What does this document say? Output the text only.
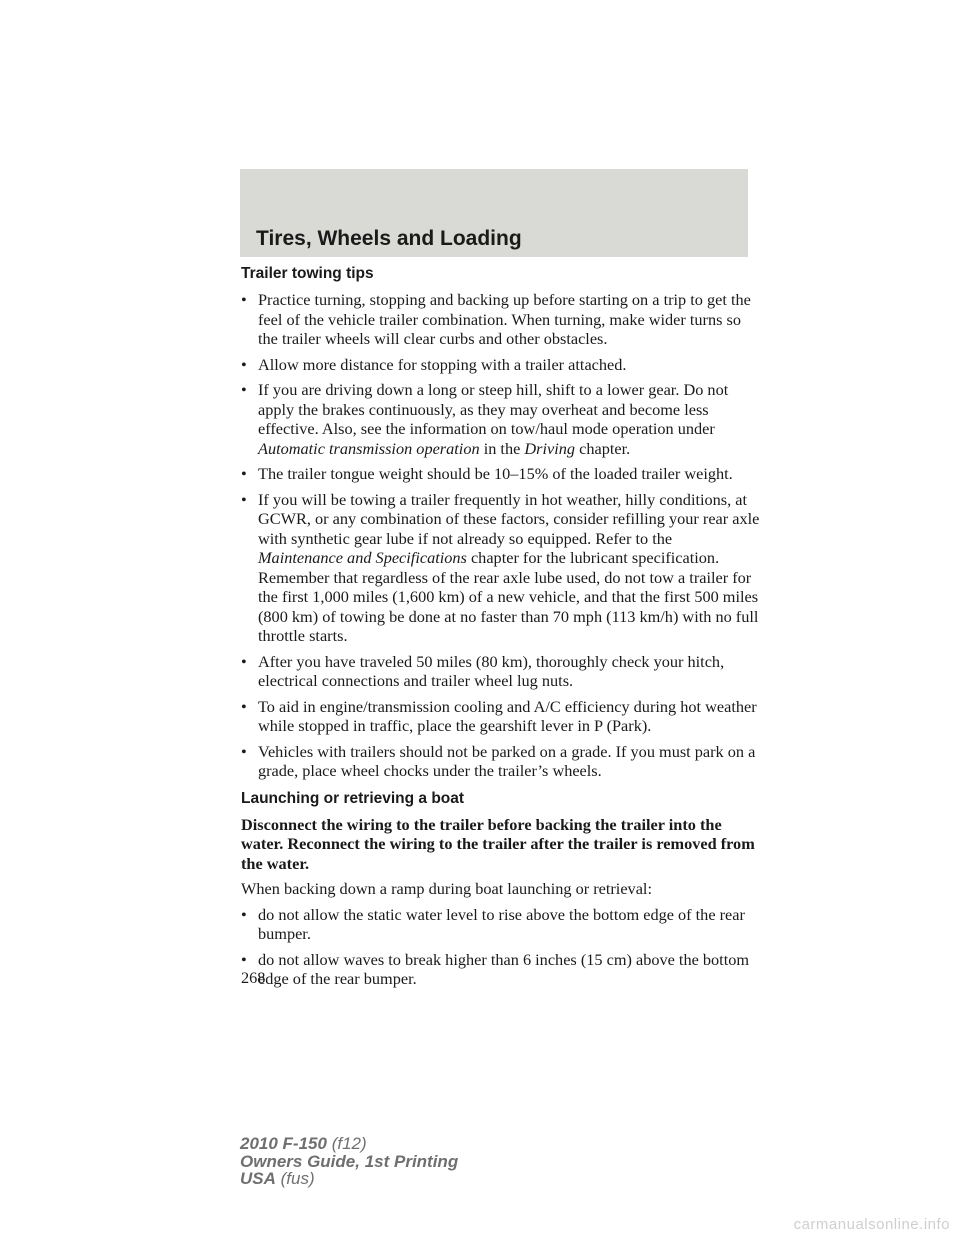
Tires, Wheels and Loading
Trailer towing tips
• Practice turning, stopping and backing up before starting on a trip to get the feel of the vehicle trailer combination. When turning, make wider turns so the trailer wheels will clear curbs and other obstacles.
• Allow more distance for stopping with a trailer attached.
• If you are driving down a long or steep hill, shift to a lower gear. Do not apply the brakes continuously, as they may overheat and become less effective. Also, see the information on tow/haul mode operation under Automatic transmission operation in the Driving chapter.
• The trailer tongue weight should be 10–15% of the loaded trailer weight.
• If you will be towing a trailer frequently in hot weather, hilly conditions, at GCWR, or any combination of these factors, consider refilling your rear axle with synthetic gear lube if not already so equipped. Refer to the Maintenance and Specifications chapter for the lubricant specification. Remember that regardless of the rear axle lube used, do not tow a trailer for the first 1,000 miles (1,600 km) of a new vehicle, and that the first 500 miles (800 km) of towing be done at no faster than 70 mph (113 km/h) with no full throttle starts.
• After you have traveled 50 miles (80 km), thoroughly check your hitch, electrical connections and trailer wheel lug nuts.
• To aid in engine/transmission cooling and A/C efficiency during hot weather while stopped in traffic, place the gearshift lever in P (Park).
• Vehicles with trailers should not be parked on a grade. If you must park on a grade, place wheel chocks under the trailer’s wheels.
Launching or retrieving a boat

Disconnect the wiring to the trailer before backing the trailer into the water. Reconnect the wiring to the trailer after the trailer is removed from the water.

When backing down a ramp during boat launching or retrieval:

• do not allow the static water level to rise above the bottom edge of the rear bumper.
• do not allow waves to break higher than 6 inches (15 cm) above the bottom edge of the rear bumper.
268
2010 F-150 (f12)
Owners Guide, 1st Printing
USA (fus)
carmanualsonline.info
